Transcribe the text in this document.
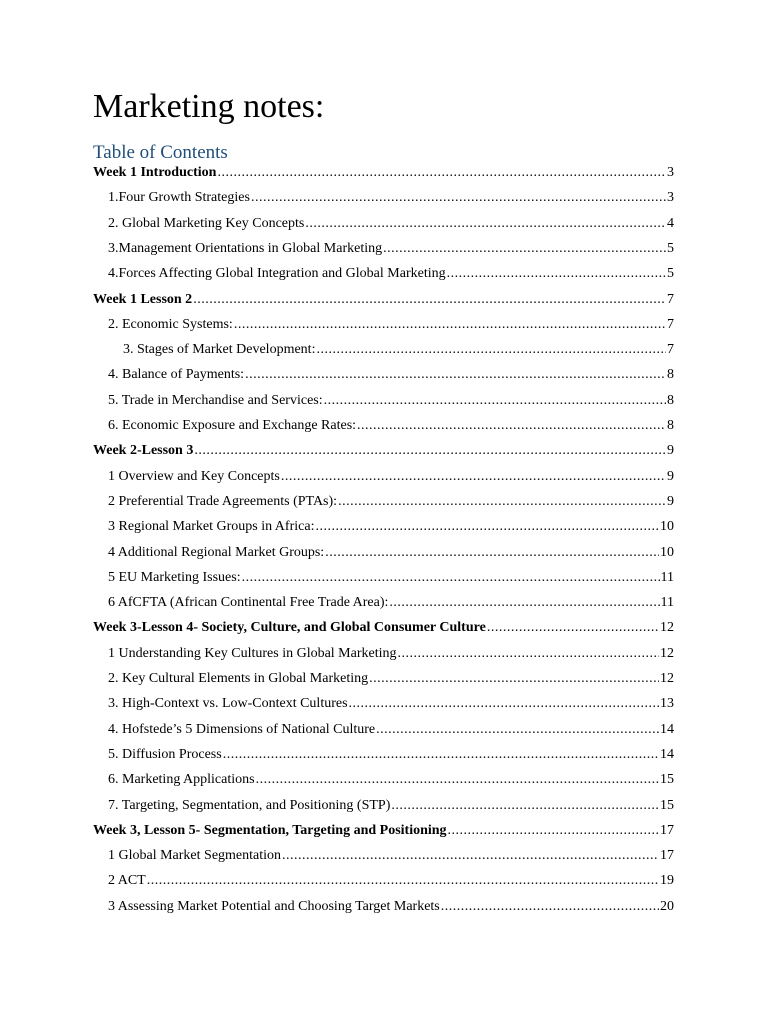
Marketing notes:
Table of Contents
Week 1 Introduction .....	3
1.Four Growth Strategies .....	3
2. Global Marketing Key Concepts .....	4
3.Management Orientations in Global Marketing .....	5
4.Forces Affecting Global Integration and Global Marketing .....	5
Week 1 Lesson 2 .....	7
2. Economic Systems: .....	7
3. Stages of Market Development: .....	7
4. Balance of Payments: .....	8
5. Trade in Merchandise and Services: .....	8
6. Economic Exposure and Exchange Rates: .....	8
Week 2-Lesson 3 .....	9
1 Overview and Key Concepts .....	9
2 Preferential Trade Agreements (PTAs): .....	9
3 Regional Market Groups in Africa: .....	10
4 Additional Regional Market Groups: .....	10
5 EU Marketing Issues: .....	11
6 AfCFTA (African Continental Free Trade Area): .....	11
Week 3-Lesson 4- Society, Culture, and Global Consumer Culture .....	12
1 Understanding Key Cultures in Global Marketing .....	12
2. Key Cultural Elements in Global Marketing .....	12
3. High-Context vs. Low-Context Cultures .....	13
4. Hofstede’s 5 Dimensions of National Culture .....	14
5. Diffusion Process .....	14
6. Marketing Applications .....	15
7. Targeting, Segmentation, and Positioning (STP) .....	15
Week 3, Lesson 5- Segmentation, Targeting and Positioning .....	17
1 Global Market Segmentation .....	17
2 ACT .....	19
3 Assessing Market Potential and Choosing Target Markets .....	20
